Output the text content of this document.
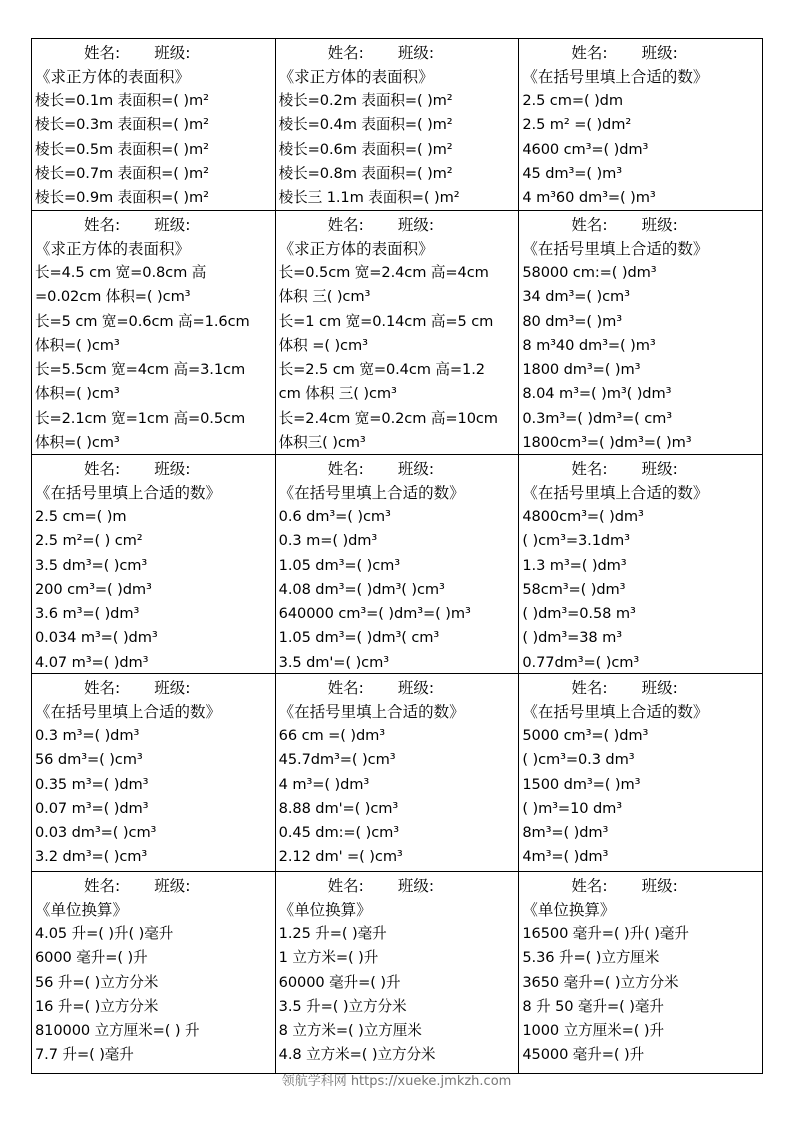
姓名: 班级:
《求正方体的表面积》
棱长=0.1m 表面积=( )m²
棱长=0.3m 表面积=( )m²
棱长=0.5m 表面积=( )m²
棱长=0.7m 表面积=( )m²
棱长=0.9m 表面积=( )m²
姓名: 班级:
《求正方体的表面积》
棱长=0.2m 表面积=( )m²
棱长=0.4m 表面积=( )m²
棱长=0.6m 表面积=( )m²
棱长=0.8m 表面积=( )m²
棱长三 1.1m 表面积=( )m²
姓名: 班级:
《在括号里填上合适的数》
2.5 cm=( )dm
2.5 m² =( )dm²
4600 cm³=( )dm³
45 dm³=( )m³
4 m³60 dm³=( )m³
姓名: 班级:
《求正方体的表面积》
长=4.5 cm 宽=0.8cm 高
=0.02cm 体积=( )cm³
长=5 cm 宽=0.6cm 高=1.6cm
体积=( )cm³
长=5.5cm 宽=4cm 高=3.1cm
体积=( )cm³
长=2.1cm 宽=1cm 高=0.5cm
体积=( )cm³
姓名: 班级:
《求正方体的表面积》
长=0.5cm 宽=2.4cm 高=4cm
体积 三( )cm³
长=1 cm 宽=0.14cm 高=5 cm
体积 =( )cm³
长=2.5 cm 宽=0.4cm 高=1.2
cm 体积 三( )cm³
长=2.4cm 宽=0.2cm 高=10cm
体积三( )cm³
姓名: 班级:
《在括号里填上合适的数》
58000 cm:=( )dm³
34 dm³=( )cm³
80 dm³=( )m³
8 m³40 dm³=( )m³
1800 dm³=( )m³
8.04 m³=( )m³( )dm³
0.3m³=( )dm³=( cm³
1800cm³=( )dm³=( )m³
姓名: 班级:
《在括号里填上合适的数》
2.5 cm=( )m
2.5 m²=( ) cm²
3.5 dm³=( )cm³
200 cm³=( )dm³
3.6 m³=( )dm³
0.034 m³=( )dm³
4.07 m³=( )dm³
姓名: 班级:
《在括号里填上合适的数》
0.6 dm³=( )cm³
0.3 m=( )dm³
1.05 dm³=( )cm³
4.08 dm³=( )dm³( )cm³
640000 cm³=( )dm³=( )m³
1.05 dm³=( )dm³( cm³
3.5 dm'=( )cm³
姓名: 班级:
《在括号里填上合适的数》
4800cm³=( )dm³
( )cm³=3.1dm³
1.3 m³=( )dm³
58cm³=( )dm³
( )dm³=0.58 m³
( )dm³=38 m³
0.77dm³=( )cm³
姓名: 班级:
《在括号里填上合适的数》
0.3 m³=( )dm³
56 dm³=( )cm³
0.35 m³=( )dm³
0.07 m³=( )dm³
0.03 dm³=( )cm³
3.2 dm³=( )cm³
姓名: 班级:
《在括号里填上合适的数》
66 cm =( )dm³
45.7dm³=( )cm³
4 m³=( )dm³
8.88 dm'=( )cm³
0.45 dm:=( )cm³
2.12 dm' =( )cm³
姓名: 班级:
《在括号里填上合适的数》
5000 cm³=( )dm³
( )cm³=0.3 dm³
1500 dm³=( )m³
( )m³=10 dm³
8m³=( )dm³
4m³=( )dm³
姓名: 班级:
《单位换算》
4.05 升=( )升( )毫升
6000 毫升=( )升
56 升=( )立方分米
16 升=( )立方分米
810000 立方厘米=( ) 升
7.7 升=( )毫升
姓名: 班级:
《单位换算》
1.25 升=( )毫升
1 立方米=( )升
60000 毫升=( )升
3.5 升=( )立方分米
8 立方米=( )立方厘米
4.8 立方米=( )立方分米
姓名: 班级:
《单位换算》
16500 毫升=( )升( )毫升
5.36 升=( )立方厘米
3650 毫升=( )立方分米
8 升 50 毫升=( )毫升
1000 立方厘米=( )升
45000 毫升=( )升
领航学科网 https://xueke.jmkzh.com
